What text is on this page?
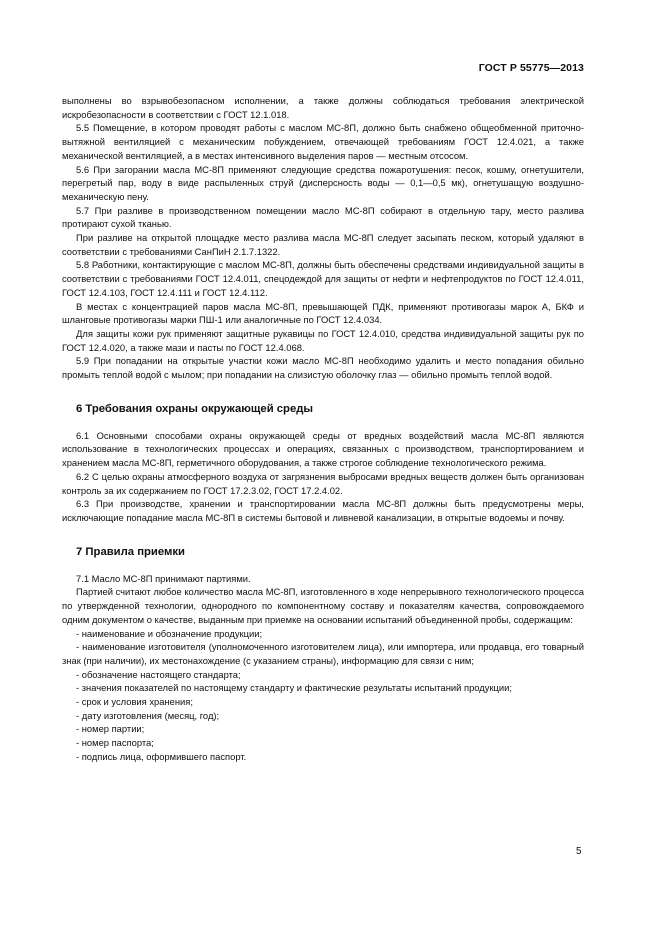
ГОСТ Р 55775—2013

выполнены во взрывобезопасном исполнении, а также должны соблюдаться требования электрической искробезопасности в соответствии с ГОСТ 12.1.018.

5.5 Помещение, в котором проводят работы с маслом МС-8П, должно быть снабжено общеобменной приточно-вытяжной вентиляцией с механическим побуждением, отвечающей требованиям ГОСТ 12.4.021, а также механической вентиляцией, а в местах интенсивного выделения паров — местным отсосом.

5.6 При загорании масла МС-8П применяют следующие средства пожаротушения: песок, кошму, огнетушители, перегретый пар, воду в виде распыленных струй (дисперсность воды — 0,1—0,5 мк), огнетушащую воздушно-механическую пену.

5.7 При разливе в производственном помещении масло МС-8П собирают в отдельную тару, место разлива протирают сухой тканью.

При разливе на открытой площадке место разлива масла МС-8П следует засыпать песком, который удаляют в соответствии с требованиями СанПиН 2.1.7.1322.

5.8 Работники, контактирующие с маслом МС-8П, должны быть обеспечены средствами индивидуальной защиты в соответствии с требованиями ГОСТ 12.4.011, спецодеждой для защиты от нефти и нефтепродуктов по ГОСТ 12.4.011, ГОСТ 12.4.103, ГОСТ 12.4.111 и ГОСТ 12.4.112.

В местах с концентрацией паров масла МС-8П, превышающей ПДК, применяют противогазы марок А, БКФ и шланговые противогазы марки ПШ-1 или аналогичные по ГОСТ 12.4.034.

Для защиты кожи рук применяют защитные рукавицы по ГОСТ 12.4.010, средства индивидуальной защиты рук по ГОСТ 12.4.020, а также мази и пасты по ГОСТ 12.4.068.

5.9 При попадании на открытые участки кожи масло МС-8П необходимо удалить и место попадания обильно промыть теплой водой с мылом; при попадании на слизистую оболочку глаз — обильно промыть теплой водой.

6 Требования охраны окружающей среды

6.1 Основными способами охраны окружающей среды от вредных воздействий масла МС-8П являются использование в технологических процессах и операциях, связанных с производством, транспортированием и хранением масла МС-8П, герметичного оборудования, а также строгое соблюдение технологического режима.

6.2 С целью охраны атмосферного воздуха от загрязнения выбросами вредных веществ должен быть организован контроль за их содержанием по ГОСТ 17.2.3.02, ГОСТ 17.2.4.02.

6.3 При производстве, хранении и транспортировании масла МС-8П должны быть предусмотрены меры, исключающие попадание масла МС-8П в системы бытовой и ливневой канализации, в открытые водоемы и почву.

7 Правила приемки

7.1 Масло МС-8П принимают партиями.

Партией считают любое количество масла МС-8П, изготовленного в ходе непрерывного технологического процесса по утвержденной технологии, однородного по компонентному составу и показателям качества, сопровождаемого одним документом о качестве, выданным при приемке на основании испытаний объединенной пробы, содержащим:

- наименование и обозначение продукции;
- наименование изготовителя (уполномоченного изготовителем лица), или импортера, или продавца, его товарный знак (при наличии), их местонахождение (с указанием страны), информацию для связи с ним;
- обозначение настоящего стандарта;
- значения показателей по настоящему стандарту и фактические результаты испытаний продукции;
- срок и условия хранения;
- дату изготовления (месяц, год);
- номер партии;
- номер паспорта;
- подпись лица, оформившего паспорт.
5
